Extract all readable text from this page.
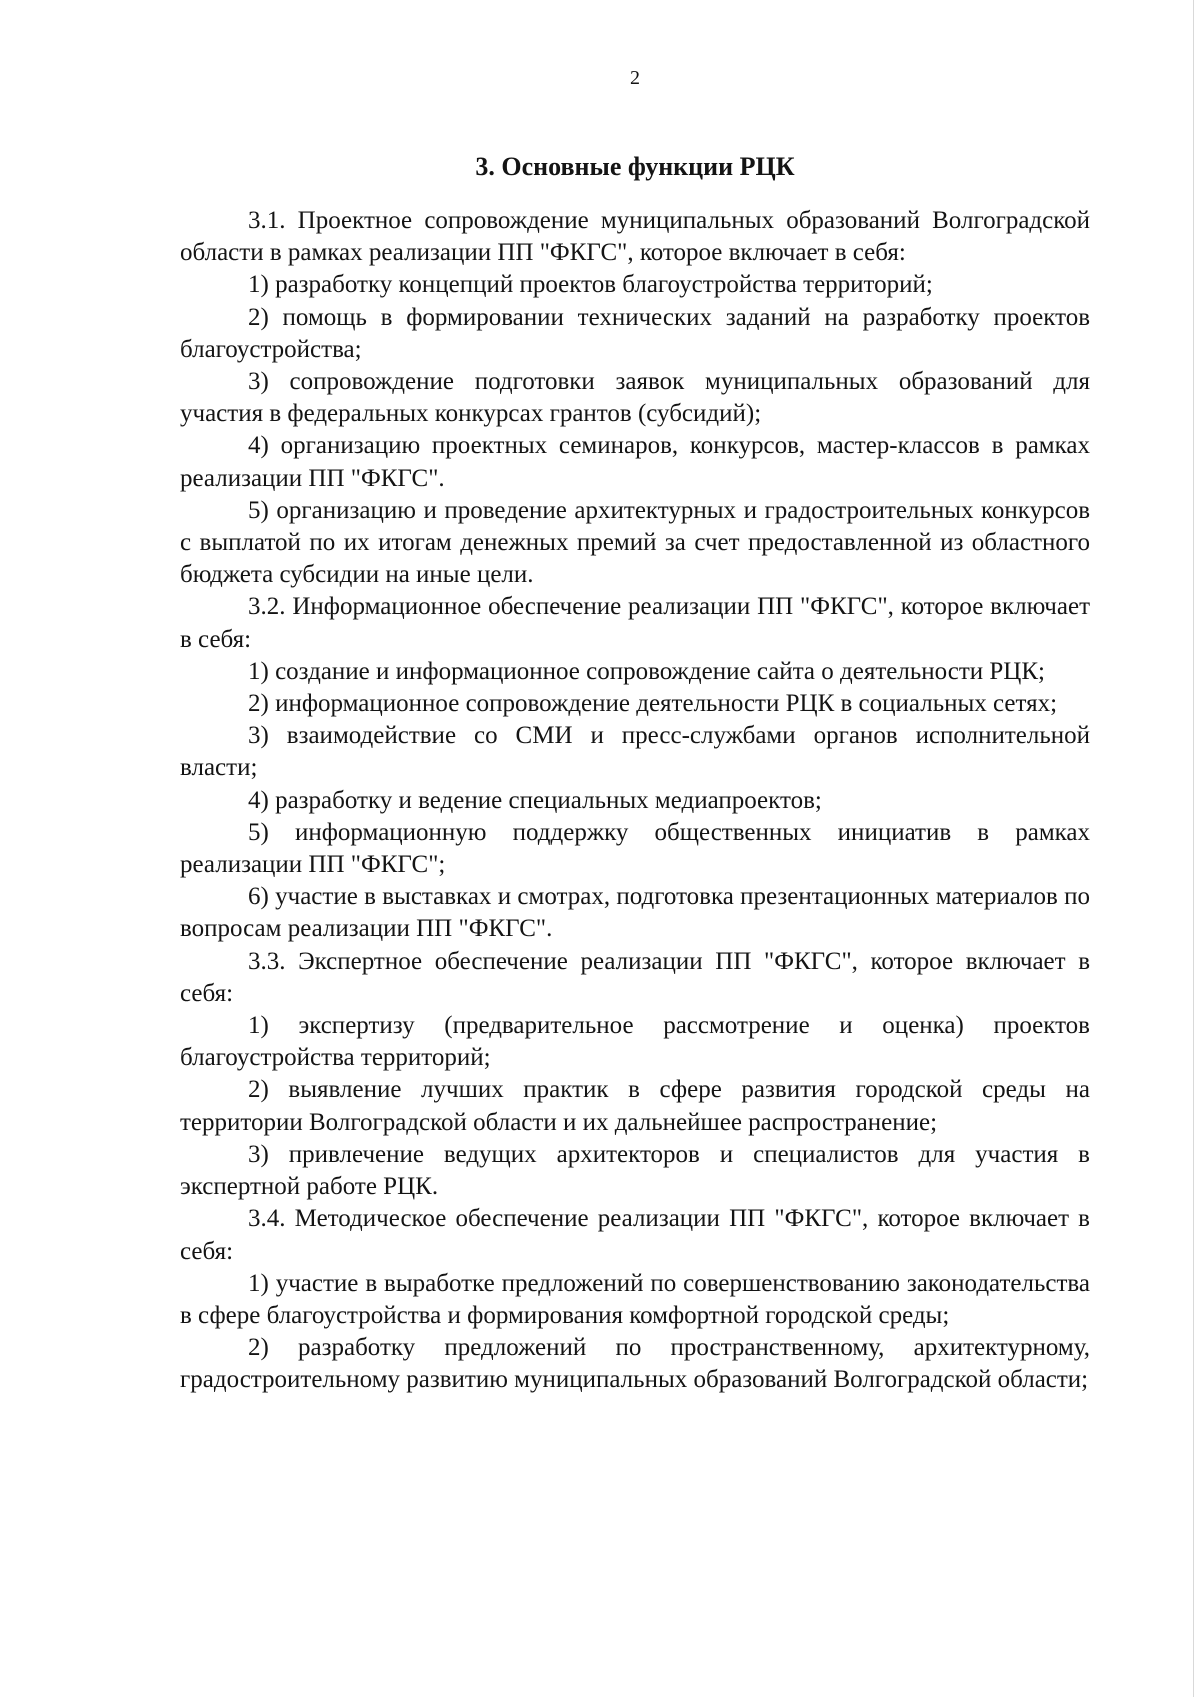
2
3. Основные функции РЦК

3.1. Проектное сопровождение муниципальных образований Волгоградской области в рамках реализации ПП "ФКГС", которое включает в себя:

1) разработку концепций проектов благоустройства территорий;

2) помощь в формировании технических заданий на разработку проектов благоустройства;

3) сопровождение подготовки заявок муниципальных образований для участия в федеральных конкурсах грантов (субсидий);

4) организацию проектных семинаров, конкурсов, мастер-классов в рамках реализации ПП "ФКГС".

5) организацию и проведение архитектурных и градостроительных конкурсов с выплатой по их итогам денежных премий за счет предоставленной из областного бюджета субсидии на иные цели.

3.2. Информационное обеспечение реализации ПП "ФКГС", которое включает в себя:

1) создание и информационное сопровождение сайта о деятельности РЦК;

2) информационное сопровождение деятельности РЦК в социальных сетях;

3) взаимодействие со СМИ и пресс-службами органов исполнительной власти;

4) разработку и ведение специальных медиапроектов;

5) информационную поддержку общественных инициатив в рамках реализации ПП "ФКГС";

6) участие в выставках и смотрах, подготовка презентационных материалов по вопросам реализации ПП "ФКГС".

3.3. Экспертное обеспечение реализации ПП "ФКГС", которое включает в себя:

1) экспертизу (предварительное рассмотрение и оценка) проектов благоустройства территорий;

2) выявление лучших практик в сфере развития городской среды на территории Волгоградской области и их дальнейшее распространение;

3) привлечение ведущих архитекторов и специалистов для участия в экспертной работе РЦК.

3.4. Методическое обеспечение реализации ПП "ФКГС", которое включает в себя:

1) участие в выработке предложений по совершенствованию законодательства в сфере благоустройства и формирования комфортной городской среды;

2) разработку предложений по пространственному, архитектурному, градостроительному развитию муниципальных образований Волгоградской области;
